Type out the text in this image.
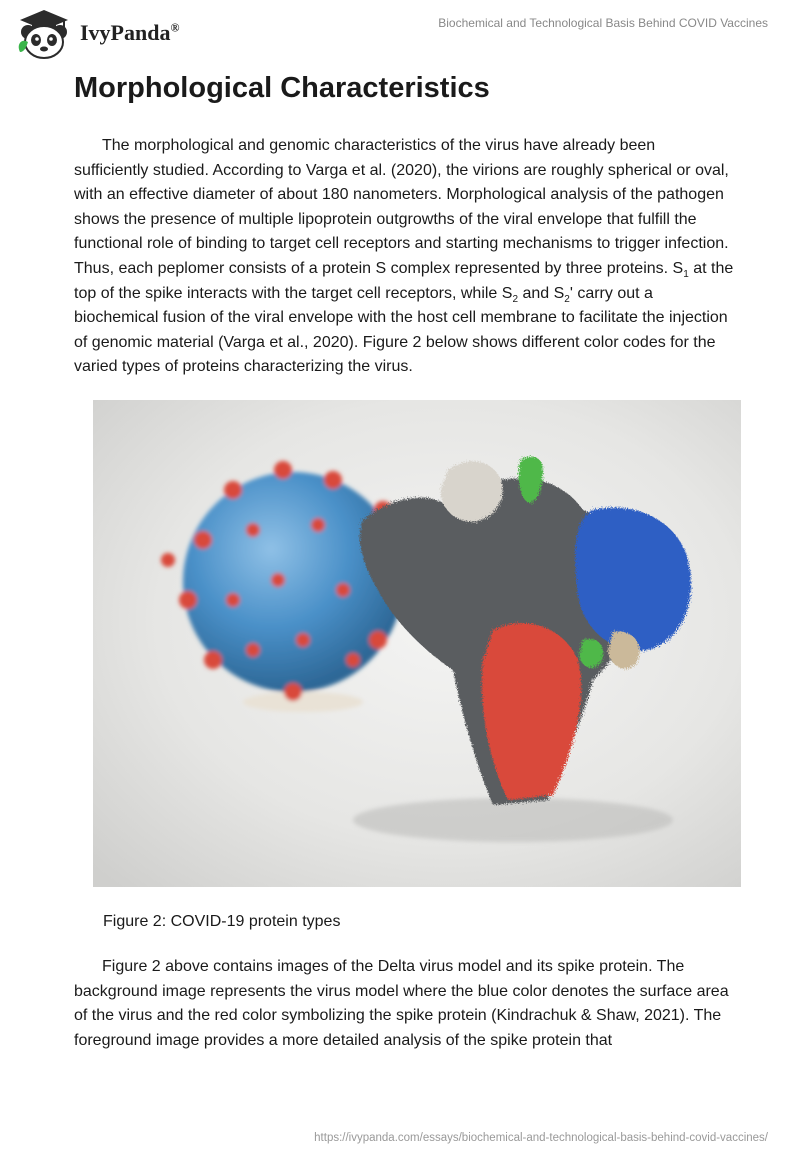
IvyPanda®	Biochemical and Technological Basis Behind COVID Vaccines
Morphological Characteristics

The morphological and genomic characteristics of the virus have already been sufficiently studied. According to Varga et al. (2020), the virions are roughly spherical or oval, with an effective diameter of about 180 nanometers. Morphological analysis of the pathogen shows the presence of multiple lipoprotein outgrowths of the viral envelope that fulfill the functional role of binding to target cell receptors and starting mechanisms to trigger infection. Thus, each peplomer consists of a protein S complex represented by three proteins. $S_1$ at the top of the spike interacts with the target cell receptors, while $S_2$ and $S_2'$ carry out a biochemical fusion of the viral envelope with the host cell membrane to facilitate the injection of genomic material (Varga et al., 2020). Figure 2 below shows different color codes for the varied types of proteins characterizing the virus.

Figure 2: COVID-19 protein types

Figure 2 above contains images of the Delta virus model and its spike protein. The background image represents the virus model where the blue color denotes the surface area of the virus and the red color symbolizing the spike protein (Kindrachuk & Shaw, 2021). The foreground image provides a more detailed analysis of the spike protein that

https://ivypanda.com/essays/biochemical-and-technological-basis-behind-covid-vaccines/
